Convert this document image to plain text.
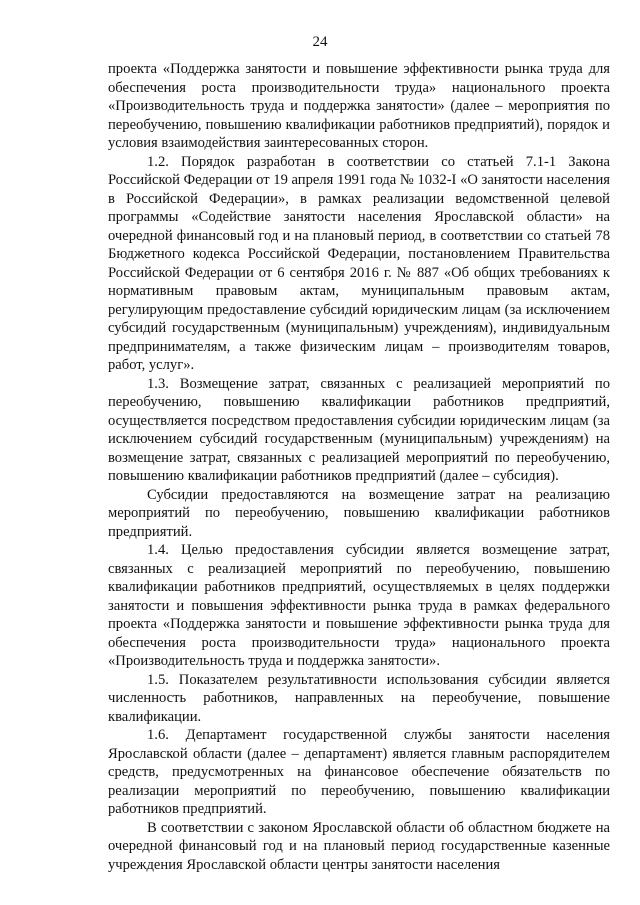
24

проекта «Поддержка занятости и повышение эффективности рынка труда для обеспечения роста производительности труда» национального проекта «Производительность труда и поддержка занятости» (далее – мероприятия по переобучению, повышению квалификации работников предприятий), порядок и условия взаимодействия заинтересованных сторон.

1.2. Порядок разработан в соответствии со статьей 7.1-1 Закона Российской Федерации от 19 апреля 1991 года № 1032-I «О занятости населения в Российской Федерации», в рамках реализации ведомственной целевой программы «Содействие занятости населения Ярославской области» на очередной финансовый год и на плановый период, в соответствии со статьей 78 Бюджетного кодекса Российской Федерации, постановлением Правительства Российской Федерации от 6 сентября 2016 г. № 887 «Об общих требованиях к нормативным правовым актам, муниципальным правовым актам, регулирующим предоставление субсидий юридическим лицам (за исключением субсидий государственным (муниципальным) учреждениям), индивидуальным предпринимателям, а также физическим лицам – производителям товаров, работ, услуг».

1.3. Возмещение затрат, связанных с реализацией мероприятий по переобучению, повышению квалификации работников предприятий, осуществляется посредством предоставления субсидии юридическим лицам (за исключением субсидий государственным (муниципальным) учреждениям) на возмещение затрат, связанных с реализацией мероприятий по переобучению, повышению квалификации работников предприятий (далее – субсидия).

Субсидии предоставляются на возмещение затрат на реализацию мероприятий по переобучению, повышению квалификации работников предприятий.

1.4. Целью предоставления субсидии является возмещение затрат, связанных с реализацией мероприятий по переобучению, повышению квалификации работников предприятий, осуществляемых в целях поддержки занятости и повышения эффективности рынка труда в рамках федерального проекта «Поддержка занятости и повышение эффективности рынка труда для обеспечения роста производительности труда» национального проекта «Производительность труда и поддержка занятости».

1.5. Показателем результативности использования субсидии является численность работников, направленных на переобучение, повышение квалификации.

1.6. Департамент государственной службы занятости населения Ярославской области (далее – департамент) является главным распорядителем средств, предусмотренных на финансовое обеспечение обязательств по реализации мероприятий по переобучению, повышению квалификации работников предприятий.

В соответствии с законом Ярославской области об областном бюджете на очередной финансовый год и на плановый период государственные казенные учреждения Ярославской области центры занятости населения
